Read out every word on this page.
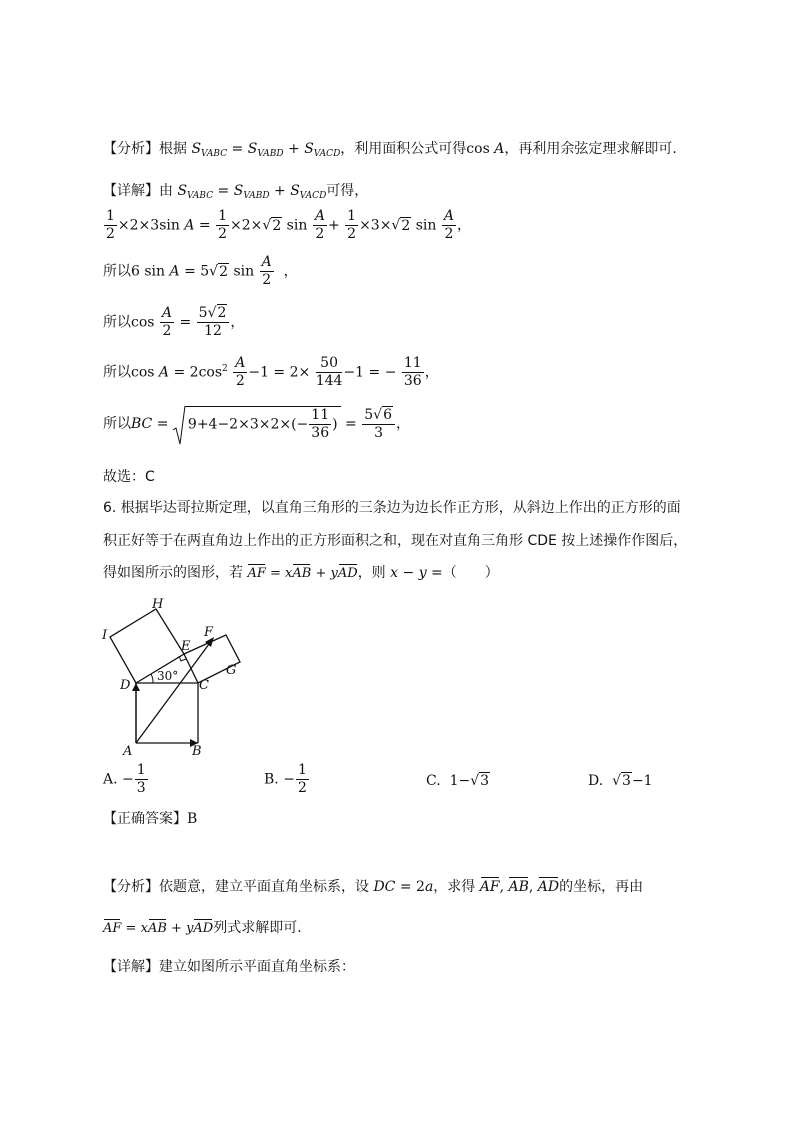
【分析】根据 $S_{VABC} = S_{VABD} + S_{VACD}$，利用面积公式可得cos A，再利用余弦定理求解即可.
【详解】由 $S_{VABC} = S_{VABD} + S_{VACD}$可得，
$\frac{1}{2} \times 2\times 3\sin$ $A = \frac{1}{2} \times 2\times√2$ $\sin \frac{A}{2} + \frac{1}{2} \times 3\times√2$ $\sin \frac{A}{2}$ ，
所以6 sin A = 5√2 $\sin \frac{A}{2}$ ，
所以$\cos \frac{A}{2} = \frac{5√2}{12}$ ，
所以$\cos A = 2\cos^2 \frac{A}{2} -1 = 2\times \frac{50}{144} -1$ = − $\frac{11}{36}$ ，
所以BC =
$9+4-2\times 3\times 2\times(- \frac{11}{36}$ ) = $\frac{5√6}{3}$ ，
故选：C
6. 根据毕达哥拉斯定理，以直角三角形的三条边为边长作正方形，从斜边上作出的正方形的面
积正好等于在两直角边上作出的正方形面积之和，现在对直角三角形 CDE 按上述操作作图后，
得如图所示的图形，若 AF = xAB + yAD，则 x − y =（　　）
H
I
E
F
G
D	C
A	B
30°
A. − $\frac{1}{3}$	B. − $\frac{1}{2}$	C.  1−√3	D.  √3−1
【正确答案】B
【分析】依题意，建立平面直角坐标系，设 DC = 2a，求得 AF, AB, AD的坐标，再由
AF = xAB + yAD列式求解即可.
【详解】建立如图所示平面直角坐标系：
